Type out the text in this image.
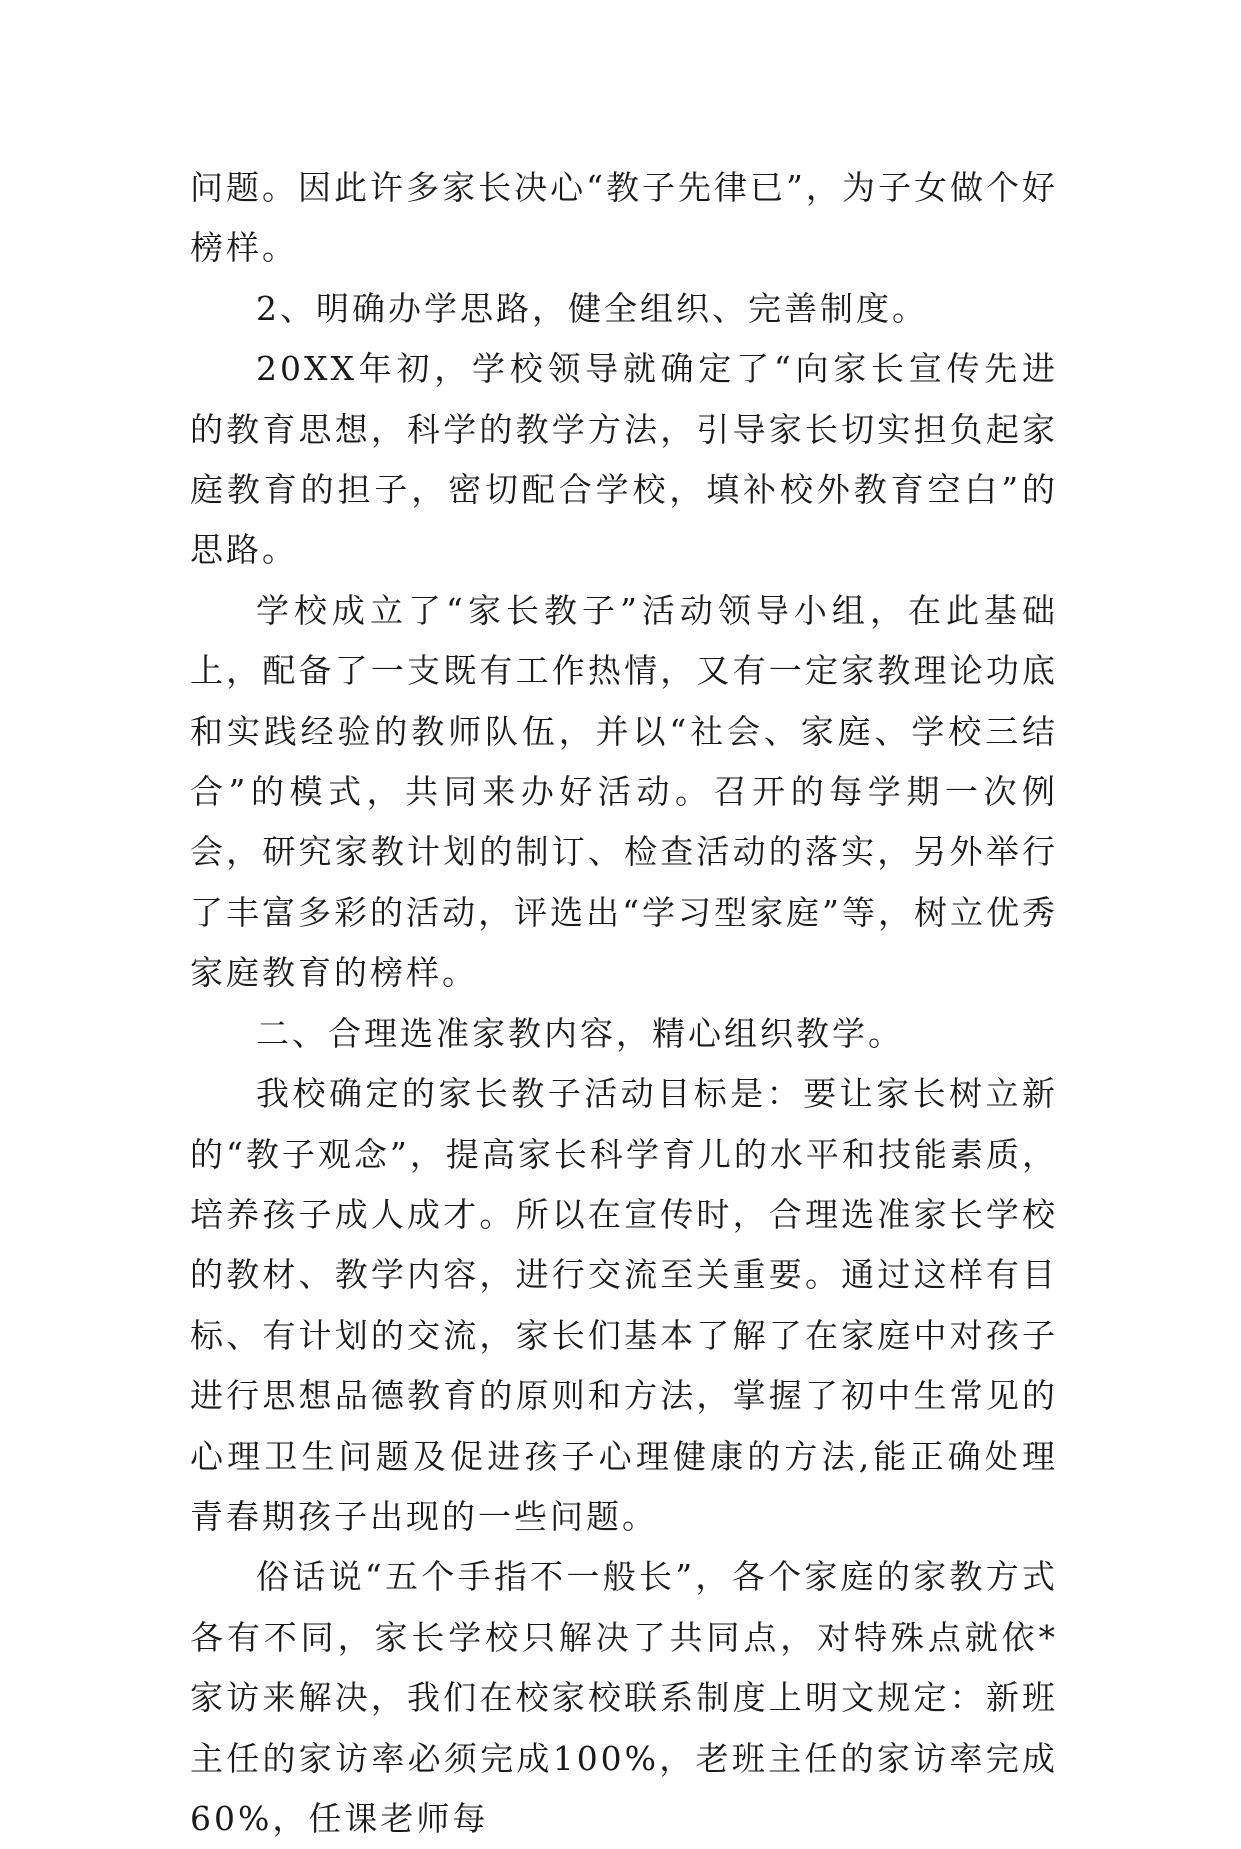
问题。因此许多家长决心“教子先律已”，为子女做个好榜样。

2、明确办学思路，健全组织、完善制度。

20XX年初，学校领导就确定了“向家长宣传先进的教育思想，科学的教学方法，引导家长切实担负起家庭教育的担子，密切配合学校，填补校外教育空白”的思路。

学校成立了“家长教子”活动领导小组，在此基础上，配备了一支既有工作热情，又有一定家教理论功底和实践经验的教师队伍，并以“社会、家庭、学校三结合”的模式，共同来办好活动。召开的每学期一次例会，研究家教计划的制订、检查活动的落实，另外举行了丰富多彩的活动，评选出“学习型家庭”等，树立优秀家庭教育的榜样。

二、合理选准家教内容，精心组织教学。

我校确定的家长教子活动目标是：要让家长树立新的“教子观念”，提高家长科学育儿的水平和技能素质，培养孩子成人成才。所以在宣传时，合理选准家长学校的教材、教学内容，进行交流至关重要。通过这样有目标、有计划的交流，家长们基本了解了在家庭中对孩子进行思想品德教育的原则和方法，掌握了初中生常见的心理卫生问题及促进孩子心理健康的方法,能正确处理青春期孩子出现的一些问题。

俗话说“五个手指不一般长”，各个家庭的家教方式各有不同，家长学校只解决了共同点，对特殊点就依*家访来解决，我们在校家校联系制度上明文规定：新班主任的家访率必须完成100%，老班主任的家访率完成60%，任课老师每
